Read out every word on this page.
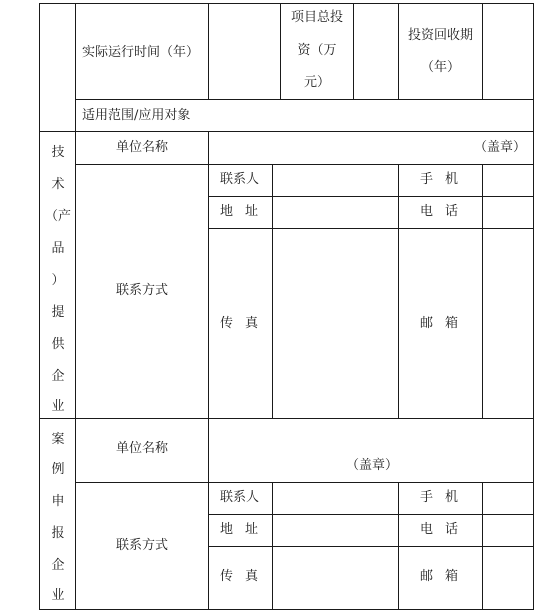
实际运行时间（年）
项目总投
资（万
元）
投资回收期
（年）
适用范围/应用对象
技
术
（产
品
）
提
供
企
业
单位名称	（盖章）
联系方式
联系人
地址
传真
手机
电话
邮箱
案
例
申
报
企
业
单位名称
（盖章）
联系方式
联系人
地址
传真
手机
电话
邮箱
